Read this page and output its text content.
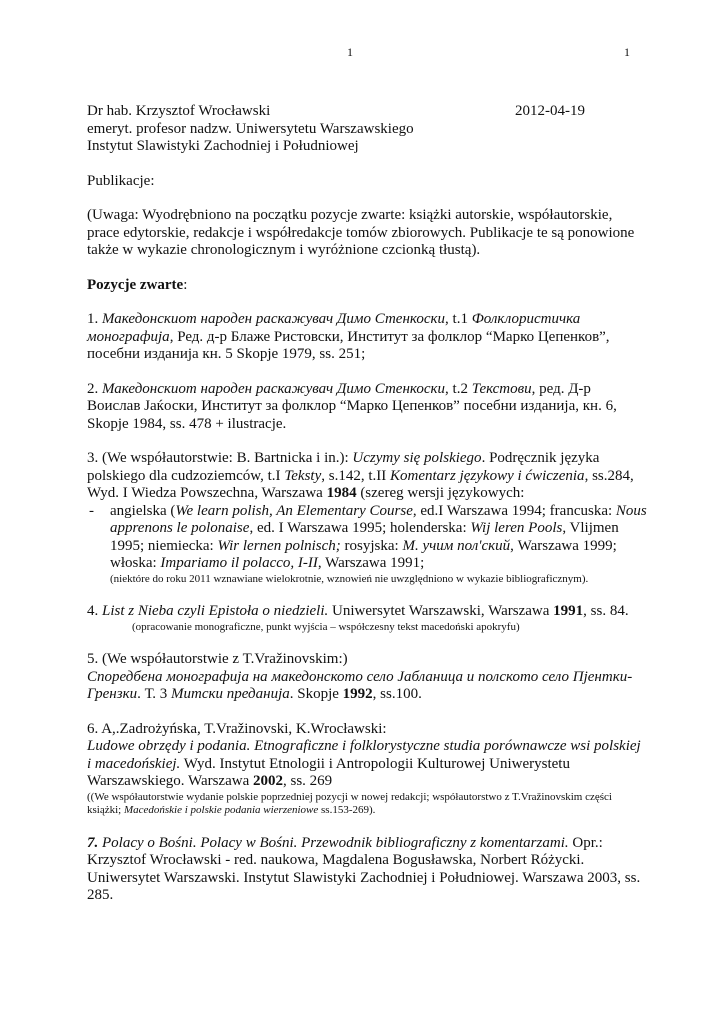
1	1

Dr hab. Krzysztof Wrocławski	2012-04-19

emeryt. profesor nadzw. Uniwersytetu Warszawskiego

Instytut Slawistyki Zachodniej i Południowej

Publikacje:

(Uwaga: Wyodrębniono na początku pozycje zwarte: książki autorskie, współautorskie, prace edytorskie, redakcje i współredakcje tomów zbiorowych. Publikacje te są ponowione także w wykazie chronologicznym i wyróżnione czcionką tłustą).

Pozycje zwarte:

1. Македонскиот народен раскажувач Димо Стенкоски, t.1 Фолклористичка монографија, Ред. д-р Блаже Ристовски, Институт за фолклор “Марко Цепенков”, посебни изданија кн. 5 Skopje 1979, ss. 251;

2. Македонскиот народен раскажувач Димо Стенкоски, t.2 Текстови, ред. Д-р Воислав Јаќоски, Институт за фолклор “Марко Цепенков” посебни изданија, кн. 6, Skopje 1984, ss. 478 + ilustracje.

3. (We współautorstwie: B. Bartnicka i in.): Uczymy się polskiego. Podręcznik języka polskiego dla cudzoziemców, t.I Teksty, s.142, t.II Komentarz językowy i ćwiczenia, ss.284, Wyd. I Wiedza Powszechna, Warszawa 1984 (szereg wersji językowych:

- angielska (We learn polish, An Elementary Course, ed.I Warszawa 1994; francuska: Nous apprenons le polonaise, ed. I Warszawa 1995; holenderska: Wij leren Pools, Vlijmen 1995; niemiecka: Wir lernen polnisch; rosyjska: М. учим пол'ский, Warszawa 1999; włoska: Impariamo il polacco, I-II, Warszawa 1991;

(niektóre do roku 2011 wznawiane wielokrotnie, wznowień nie uwzględniono w wykazie bibliograficznym).

4. List z Nieba czyli Epistoła o niedzieli. Uniwersytet Warszawski, Warszawa 1991, ss. 84.

(opracowanie monograficzne, punkt wyjścia – współczesny tekst macedoński apokryfu)

5. (We współautorstwie z T.Vražinovskim:)

Споредбена монографија на македонското село Јабланица и полското село Пјентки-Грензки. Т. 3 Митски преданија. Skopje 1992, ss.100.

6. A,.Zadrożyńska, T.Vražinovski, K.Wrocławski:

Ludowe obrzędy i podania. Etnograficzne i folklorystyczne studia porównawcze wsi polskiej i macedońskiej. Wyd. Instytut Etnologii i Antropologii Kulturowej Uniwerystetu Warszawskiego. Warszawa 2002, ss. 269

((We współautorstwie wydanie polskie poprzedniej pozycji w nowej redakcji; współautorstwo z T.Vražinovskim części książki; Macedońskie i polskie podania wierzeniowe ss.153-269).

7. Polacy o Bośni. Polacy w Bośni. Przewodnik bibliograficzny z komentarzami. Opr.: Krzysztof Wrocławski - red. naukowa, Magdalena Bogusławska, Norbert Różycki. Uniwersytet Warszawski. Instytut Slawistyki Zachodniej i Południowej. Warszawa 2003, ss. 285.
